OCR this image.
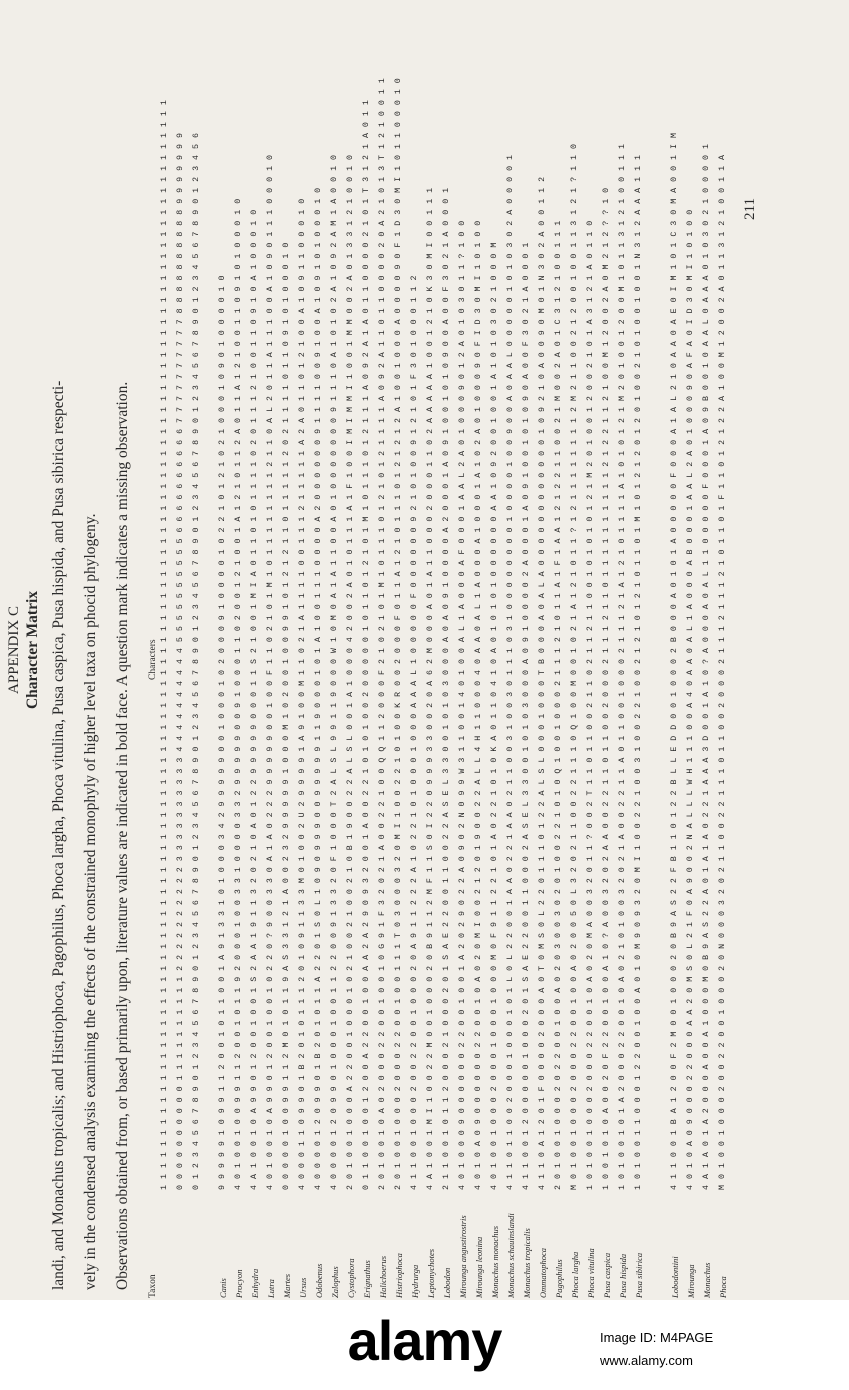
APPENDIX C Character Matrix landi, and Monachus tropicalis; and Histriophoca, Pagophilus, Phoca largha, Phoca vitulina, Pusa caspica, Pusa hispida, and Pusa sibirica respecti- vely in the condensed analysis examining the effects of the constrained monophyly of higher level taxa on phocid phylogeny. Observations obtained from, or based primarily upon, literature values are indicated in bold face. A question mark indicates a missing observation. Taxon
Characters 1 1 1 1 1 1 1 1 1 1 1 1 1 1 1 1 1 1 1 1 1 1 1 1 1 1 1 1 1 1 1 1 1 1 1 1 1 1 1 1 1 1 1 1 1 1 1 1 1 1 1 1 1 1 1 1 1 1 1 1 1 1 1 1 1 1 1 1 1 1 1 1 1 1 1 1 1 1 1 1 1 1 1 1 1 1 1 1 1 1 1 1 1 1 1 1 1 1 1 1 0 0 0 0 0 0 0 0 0 0 1 1 1 1 1 1 1 1 1 1 2 2 2 2 2 2 2 2 2 2 3 3 3 3 3 3 3 3 3 3 4 4 4 4 4 4 4 4 4 4 5 5 5 5 5 5 5 5 5 5 6 6 6 6 6 6 6 6 6 6 7 7 7 7 7 7 7 7 7 7 8 8 8 8 8 8 8 8 8 8 9 9 9 9 9 9 9 0 1 2 3 4 5 6 7 8 9 0 1 2 3 4 5 6 7 8 9 0 1 2 3 4 5 6 7 8 9 0 1 2 3 4 5 6 7 8 9 0 1 2 3 4 5 6 7 8 9 0 1 2 3 4 5 6 7 8 9 0 1 2 3 4 5 6 7 8 9 0 1 2 3 4 5 6 7 8 9 0 1 2 3 4 5 6 7 8 9 0 1 2 3 4 5 6
Canis
9 9 9 9 9 1 0 9 9 1 1 2 0 0 1 0 1 1 0 0 1 A 9 1 3 3 1 0 1 0 0 0 3 4 2 9 9 9 9 9 0 0 1 0 0 0 1 0 2 0 0 0 9 1 0 0 0 0 1 0 2 2 1 0 1 2 1 0 2 1 0 0 0 1 0 9 0 1 0 0 0 0 1 0
Procyon
4 0 1 0 0 1 0 0 9 9 1 1 2 0 0 1 0 1 1 9 2 0 0 0 1 0 0 3 3 1 0 0 0 0 3 3 2 9 9 9 9 9 0 0 9 1 0 0 0 1 1 0 2 0 0 1 2 1 0 0 1 A 1 2 1 0 1 1 2 A 0 1 1 A 1 2 1 0 0 1 1 0 9 1 0 1 0 0 0 1 0
Enhydra
4 A 1 0 0 1 0 A 9 9 0 1 2 0 0 1 0 0 1 S 2 A A 1 9 1 1 3 2 0 2 1 0 A 0 1 2 2 9 9 9 9 9 0 0 0 1 1 S 2 1 0 0 1 M I A 0 1 1 0 1 0 1 1 1 1 0 2 0 1 1 1 2 1 0 0 1 1 0 9 1 0 A 1 0 0 0 1 0
Lutra
4 0 1 0 0 1 0 A 9 9 0 1 2 0 0 1 0 0 1 0 2 2 0 ? 9 0 0 3 3 0 A 1 A 0 2 2 2 9 9 9 9 9 0 0 1 0 0 F 1 1 0 2 1 0 1 M 1 0 1 1 1 1 1 1 1 1 2 1 1 0 A L 2 0 1 1 A 1 1 1 0 0 A 1 0 9 0 1 1 1 0 0 0 1 0
Martes
0 0 0 0 0 1 0 0 9 9 1 1 2 M 0 1 0 1 1 9 A S 3 3 1 2 1 A 0 0 2 3 2 9 9 9 9 9 1 0 0 0 M 1 0 2 0 0 1 0 0 9 9 1 0 1 2 1 2 1 1 0 1 1 1 1 1 2 0 2 1 1 1 1 0 1 1 0 9 1 0 1 0 0 0 1 0
Ursus
4 0 0 0 1 1 0 9 9 0 1 B 2 0 1 0 1 1 1 2 0 1 0 9 1 1 3 3 M 0 1 0 0 2 U 2 9 9 9 9 1 A 9 1 0 0 M 1 1 0 2 1 A 1 1 1 1 0 0 1 1 1 2 1 1 1 1 1 A 2 A 0 1 1 0 1 2 1 0 0 A 1 0 9 1 1 0 0 0 1 0
Odobenus
4 0 0 0 0 1 2 0 9 9 0 1 B 2 0 1 0 1 1 A 2 2 0 1 S 0 L 1 0 9 0 9 9 9 0 0 9 9 9 9 9 1 1 9 0 0 0 1 0 1 A 1 0 0 1 1 1 0 0 0 0 A 2 0 0 0 0 0 0 9 1 1 1 1 0 0 9 1 0 0 A 1 0 9 1 0 1 0 0 0 1 0
Zalophus
4 0 0 0 0 1 2 0 9 9 0 1 0 0 0 1 0 0 1 1 2 2 0 0 9 1 3 3 2 0 F 1 0 0 0 T 2 A L S L 9 9 1 1 9 0 0 0 W 1 0 M 0 A 1 A 1 1 0 0 A 0 1 0 0 0 0 0 0 0 9 1 1 1 0 A 1 0 1 0 2 A 1 0 9 2 A M 1 A 0 0 1 0
Cystophora
2 0 1 0 0 1 0 0 0 A 2 2 0 0 1 0 0 0 1 0 2 1 0 0 2 1 0 0 2 1 0 B 1 9 0 0 2 2 A L S L 0 0 1 A 1 0 0 0 4 2 0 0 2 A 0 1 0 1 1 1 A 1 F 1 0 0 I M I M M I 1 0 0 1 M M 0 0 2 A 0 1 3 3 1 2 1 0 0 1 0
Erignathus
0 1 1 0 0 1 0 0 1 2 0 0 A 2 2 0 0 1 0 0 A A 2 A 2 9 0 9 3 2 0 0 1 A 0 0 2 2 1 0 1 0 1 0 0 2 0 0 0 0 0 1 0 1 1 0 1 2 1 0 1 M 1 0 1 1 1 0 1 2 1 1 1 A 0 9 2 A 1 A 0 1 1 0 0 0 0 2 1 0 1 T 3 1 2 1 A 0 1 1
Halichoerus
2 0 1 0 0 1 0 A 0 2 0 0 0 2 2 0 0 1 0 0 1 0 G 9 1 F 3 2 0 2 1 A 0 0 2 2 1 0 0 Q Q 1 1 2 0 0 0 F 2 1 0 2 1 0 1 M 1 0 1 1 1 0 1 2 1 0 1 2 1 1 1 1 A 0 9 2 A 1 1 0 1 1 0 0 0 0 2 0 A 2 1 0 1 3 T 1 2 1 0 0 1 1
Histriophoca
2 0 1 0 0 1 0 0 0 2 0 0 0 2 2 0 0 1 0 0 1 1 1 T 0 3 0 0 0 3 2 0 M I 1 0 0 2 2 1 0 1 0 0 K R 0 0 2 0 0 0 F 0 1 1 A 1 2 1 0 1 1 1 0 1 2 1 2 1 2 A 1 0 0 1 0 0 0 A 0 0 0 0 9 0 F 1 D 3 0 M I 1 0 1 1 0 0 0 1 0
Hydrurga
4 1 1 0 0 1 0 0 0 2 0 0 2 2 0 0 1 0 0 0 2 0 A 9 1 1 2 2 2 A 1 0 2 2 1 0 1 0 0 0 1 0 0 0 A A A L 1 0 0 0 0 0 F 0 0 0 0 0 0 9 2 1 0 1 0 0 9 1 2 1 0 1 F 3 0 1 0 0 0 1 1 2
Leptonychotes
4 A 1 0 0 1 M I 1 0 0 2 2 M 0 0 1 0 0 0 2 0 B 9 1 1 2 M F 1 1 S 0 I 2 2 0 9 9 9 3 3 0 0 2 0 A 6 2 M 0 0 0 A 0 1 A 1 1 0 0 0 2 0 0 0 1 1 0 2 A A A A A 1 0 0 1 2 1 0 K 3 0 M I 0 0 1 1 1
Lobodon
2 1 1 0 0 1 0 1 1 2 0 0 0 2 1 0 0 0 2 0 1 S A E 2 2 0 0 1 1 0 0 2 2 A S E L 3 3 0 0 1 0 1 0 3 0 0 0 A 0 A 0 9 1 0 0 0 0 A 2 0 0 0 1 A 0 9 1 0 0 1 0 1 0 9 0 0 A 0 0 F 3 0 2 1 A 0 0 0 1
Mirounga angustirostris
4 0 1 0 0 0 9 0 0 0 0 0 0 2 2 0 0 1 0 0 1 A 2 0 2 9 0 2 2 A 0 9 0 2 N 0 9 9 W 3 1 1 0 0 1 4 0 1 0 0 A L 1 A 0 0 0 A F 0 0 0 1 A A L 2 A 0 1 0 0 0 9 0 1 2 A 0 1 0 3 0 1 1 ? 1 0 0
Mirounga leonina
4 0 1 0 A 0 9 0 0 0 0 0 0 2 2 0 0 1 0 A 0 2 0 M I 0 0 2 1 2 0 1 9 0 0 2 2 A L L 4 H 1 1 0 0 0 4 0 A A 0 A L 1 A 0 0 0 A 1 0 0 0 1 A 1 0 2 A 0 1 0 0 0 9 0 F I D 3 0 M I 1 0 1 0 0
Monachus monachus
4 0 1 0 0 1 0 0 0 2 0 0 0 1 0 0 0 1 0 0 0 M 0 F 9 1 1 2 2 1 0 1 A 0 2 2 1 0 1 0 K A 0 1 1 0 4 1 0 A 0 1 0 1 0 1 0 0 0 0 0 0 A A 1 0 9 2 0 0 1 0 0 1 A 1 0 1 0 3 0 2 1 0 0 0 M
Monachus schauinslandi
4 1 1 0 1 1 0 0 2 0 0 0 1 0 0 0 1 0 1 L 0 L 2 2 0 0 1 A A 0 2 2 1 A A 0 2 1 1 0 0 3 1 0 0 3 0 1 1 1 0 3 1 0 0 0 0 0 0 0 0 1 0 0 0 0 1 0 0 9 0 0 A 0 A A L 0 0 0 0 0 1 0 1 0 3 0 2 A 0 0 0 0 1
Monachus tropicalis
4 1 1 0 0 1 2 0 0 0 0 0 1 0 0 0 2 0 1 S A E 2 2 0 0 1 1 0 0 0 2 A S E L 3 3 0 0 1 0 1 0 3 0 0 0 A 0 9 1 0 0 0 0 2 A 0 0 0 1 A 0 9 1 0 0 1 0 1 0 9 0 A 0 0 F 3 0 2 1 A 0 0 0 1
Ommatophoca
4 1 1 0 A 1 2 0 1 F 0 0 0 0 2 0 0 0 A 0 T 0 M S 0 L 2 2 0 1 1 1 0 1 2 2 A L S L 0 0 0 1 0 0 0 T B 0 0 0 A 0 A L A 0 0 0 0 0 0 0 0 0 0 0 0 1 0 9 2 1 0 A 0 0 9 0 M 0 1 N 3 0 2 A 0 0 1 1 2
Pagophilus
2 0 1 0 0 1 0 0 0 2 0 2 2 0 0 1 0 0 A 0 2 0 3 0 0 3 0 2 0 1 0 0 2 2 1 0 1 0 Q 1 0 0 1 0 0 0 2 1 1 1 2 1 0 1 1 A 1 F 1 A A 1 2 1 2 2 1 1 0 0 2 1 M 0 0 2 A 0 1 C 3 1 2 1 0 0 1 1 1
Phoca largha
M 0 1 0 0 1 0 0 0 2 0 0 0 2 2 0 0 1 0 0 A 0 2 0 0 5 0 L 3 2 0 2 1 1 0 0 2 2 1 1 1 0 Q 1 0 0 M 0 0 1 0 2 1 A 1 2 1 0 1 1 ? 1 2 1 1 1 1 1 1 1 1 2 M 2 1 1 0 0 2 1 2 0 0 1 0 0 1 1 3 1 2 1 ? 1 1 0
Phoca vitulina
1 0 1 0 0 1 0 0 0 2 0 0 0 2 2 0 0 1 0 A 0 2 0 M A 0 0 3 2 0 1 1 ? 0 0 2 T 1 1 0 1 1 0 0 2 1 1 0 2 1 1 2 1 1 0 0 1 0 1 0 1 0 1 2 1 M 2 0 1 0 0 1 2 0 0 2 1 0 1 A 3 1 2 1 A 0 1 1 0
Pusa caspica
1 0 0 1 0 1 0 A 0 0 2 0 F 2 2 0 0 1 0 0 A 1 0 ? A 0 0 3 2 0 2 A A 0 0 2 2 1 1 0 1 1 0 0 2 0 0 0 2 1 1 1 2 1 1 0 1 1 1 1 1 1 1 1 1 1 2 1 2 2 1 1 2 1 0 0 M 1 2 0 0 2 A 0 M 2 1 2 ? ? 1 0
Pusa hispida
1 0 1 0 0 1 0 1 A 2 0 0 0 2 2 0 0 1 0 A 0 2 1 0 1 0 0 3 2 0 2 1 A 0 0 2 2 1 1 A 0 1 1 0 0 1 0 0 0 2 1 1 1 2 1 A 1 2 1 0 1 1 1 1 A 1 0 1 0 1 2 1 M 2 0 1 0 0 1 2 0 0 M 1 0 1 1 3 1 2 1 0 0 1 1 1
Pusa sibirica
1 0 1 0 0 1 1 0 0 0 1 2 2 0 0 1 0 0 A 0 1 0 M 9 0 9 3 2 0 M I 1 0 0 2 2 1 0 0 3 1 0 0 2 2 1 0 0 2 1 2 1 0 1 2 1 0 1 1 0 1 M 1 0 1 2 1 2 0 1 2 0 1 0 0 2 1 0 1 0 0 1 0 0 1 N 3 1 2 A A A 1 1 1
Lobodontini
4 1 1 0 0 1 B A 1 2 0 0 F 2 M 0 0 1 0 0 0 2 0 B 9 A S 2 2 F B 1 1 0 1 2 2 B L L E D D 0 0 1 0 0 0 2 B 0 0 0 A 0 1 0 1 A 0 0 0 0 0 F 0 0 0 A 1 A L 2 1 0 A A 0 A E 0 I M 1 0 1 C 3 0 M A 0 0 1 I M
Mirounga
4 0 1 0 A 0 9 0 0 0 2 2 0 0 0 A A 2 0 M S 0 L 2 1 F 0 A 9 0 0 2 N A L L L W H 1 1 1 0 0 A 4 0 A A 0 A L 1 A 0 0 0 A B 0 0 0 1 A A L 2 A 0 1 0 0 0 9 0 A F A 0 I D 3 0 M I 1 0 1 0 0
Monachus
4 A 1 A 0 1 A 2 0 0 0 A 0 0 A 1 0 0 0 M 0 B 9 A S 2 2 A 0 1 A 1 A 0 2 2 1 A A A 3 D 0 0 1 A 1 0 ? A 0 0 0 A 0 A L 1 1 0 0 0 0 0 F 0 0 0 1 A 0 9 B 0 0 1 0 A A L 0 A A A 0 1 0 3 0 2 1 0 0 0 0 1
Phoca
M 0 1 0 0 1 0 0 0 2 0 0 2 2 0 0 1 0 0 0 2 0 N 0 0 0 3 2 0 2 1 1 0 0 2 2 1 1 1 0 1 1 0 0 2 0 0 0 2 1 1 1 2 1 1 1 2 1 0 1 1 0 1 F 1 1 0 1 2 1 2 2 A 1 0 0 M 1 2 0 0 2 A 0 1 1 3 1 2 1 0 0 1 1 A 211
alamy	Image ID: M4PAGE
www.alamy.com
